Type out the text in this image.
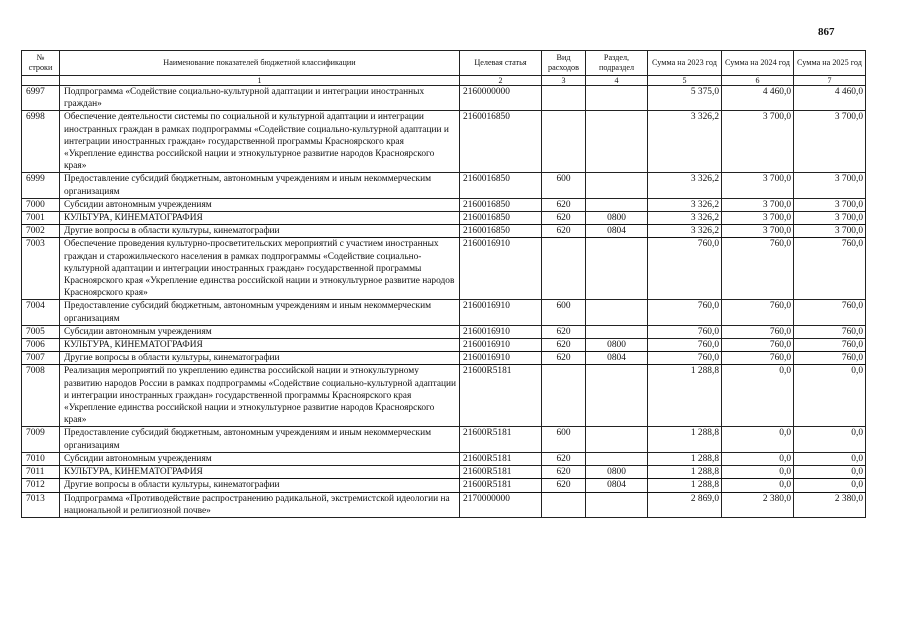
867
№ строки	Наименование показателей бюджетной классификации	Целевая статья	Вид расходов	Раздел, подраздел	Сумма на 2023 год	Сумма на 2024 год	Сумма на 2025 год
	1	2	3	4	5	6	7
6997	Подпрограмма «Содействие социально-культурной адаптации и интеграции иностранных граждан»	2160000000			5 375,0	4 460,0	4 460,0
6998	Обеспечение деятельности системы по социальной и культурной адаптации и интеграции иностранных граждан в рамках подпрограммы «Содействие социально-культурной адаптации и интеграции иностранных граждан» государственной программы Красноярского края «Укрепление единства российской нации и этнокультурное развитие народов Красноярского края»	2160016850			3 326,2	3 700,0	3 700,0
6999	Предоставление субсидий бюджетным, автономным учреждениям и иным некоммерческим организациям	2160016850	600		3 326,2	3 700,0	3 700,0
7000	Субсидии автономным учреждениям	2160016850	620		3 326,2	3 700,0	3 700,0
7001	КУЛЬТУРА, КИНЕМАТОГРАФИЯ	2160016850	620	0800	3 326,2	3 700,0	3 700,0
7002	Другие вопросы в области культуры, кинематографии	2160016850	620	0804	3 326,2	3 700,0	3 700,0
7003	Обеспечение проведения культурно-просветительских мероприятий с участием иностранных граждан и старожильческого населения в рамках подпрограммы «Содействие социально-культурной адаптации и интеграции иностранных граждан» государственной программы Красноярского края «Укрепление единства российской нации и этнокультурное развитие народов Красноярского края»	2160016910			760,0	760,0	760,0
7004	Предоставление субсидий бюджетным, автономным учреждениям и иным некоммерческим организациям	2160016910	600		760,0	760,0	760,0
7005	Субсидии автономным учреждениям	2160016910	620		760,0	760,0	760,0
7006	КУЛЬТУРА, КИНЕМАТОГРАФИЯ	2160016910	620	0800	760,0	760,0	760,0
7007	Другие вопросы в области культуры, кинематографии	2160016910	620	0804	760,0	760,0	760,0
7008	Реализация мероприятий по укреплению единства российской нации и этнокультурному развитию народов России в рамках подпрограммы «Содействие социально-культурной адаптации и интеграции иностранных граждан» государственной программы Красноярского края «Укрепление единства российской нации и этнокультурное развитие народов Красноярского края»	21600R5181			1 288,8	0,0	0,0
7009	Предоставление субсидий бюджетным, автономным учреждениям и иным некоммерческим организациям	21600R5181	600		1 288,8	0,0	0,0
7010	Субсидии автономным учреждениям	21600R5181	620		1 288,8	0,0	0,0
7011	КУЛЬТУРА, КИНЕМАТОГРАФИЯ	21600R5181	620	0800	1 288,8	0,0	0,0
7012	Другие вопросы в области культуры, кинематографии	21600R5181	620	0804	1 288,8	0,0	0,0
7013	Подпрограмма «Противодействие распространению радикальной, экстремистской идеологии на национальной и религиозной почве»	2170000000			2 869,0	2 380,0	2 380,0
